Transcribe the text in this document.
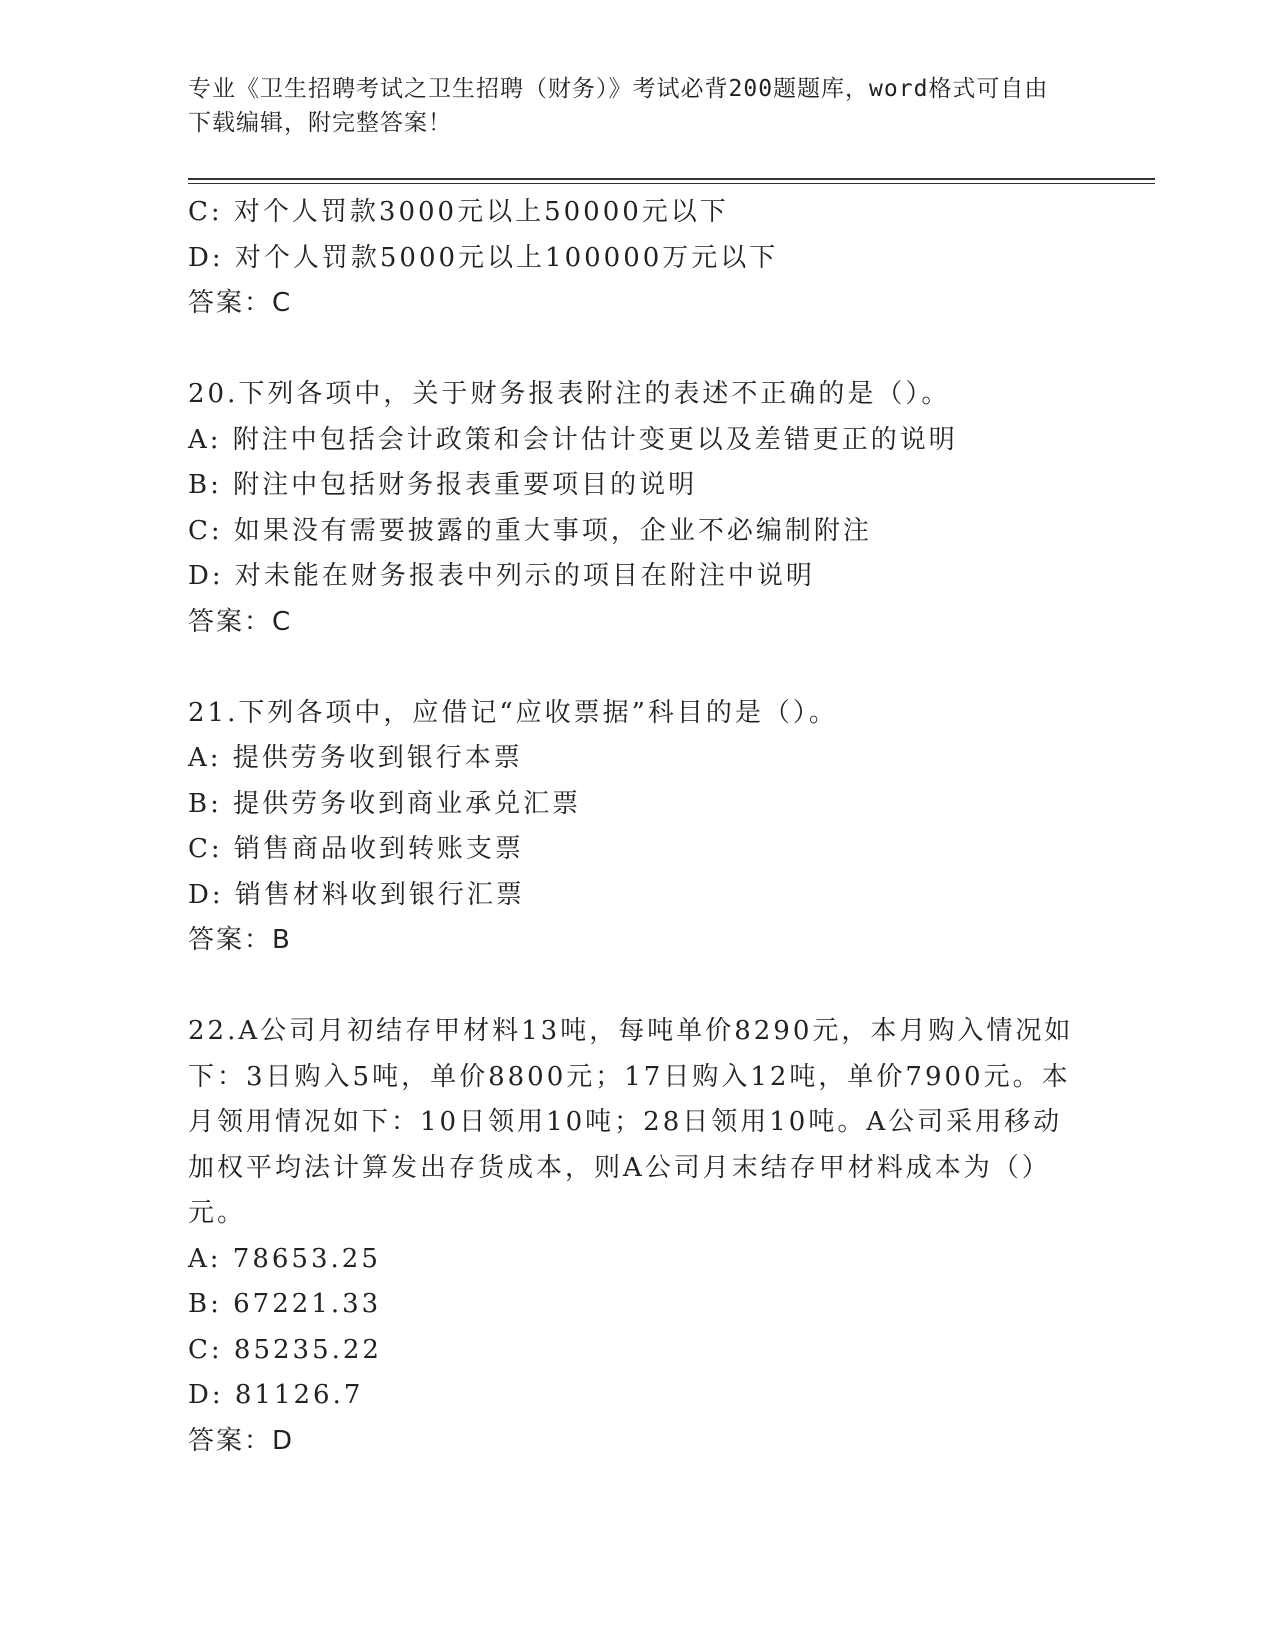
专业《卫生招聘考试之卫生招聘（财务）》考试必背200题题库，word格式可自由下载编辑，附完整答案！
C: 对个人罚款3000元以上50000元以下
D: 对个人罚款5000元以上100000万元以下
答案：C
20.下列各项中，关于财务报表附注的表述不正确的是（）。
A: 附注中包括会计政策和会计估计变更以及差错更正的说明
B: 附注中包括财务报表重要项目的说明
C: 如果没有需要披露的重大事项，企业不必编制附注
D: 对未能在财务报表中列示的项目在附注中说明
答案：C
21.下列各项中，应借记“应收票据”科目的是（）。
A: 提供劳务收到银行本票
B: 提供劳务收到商业承兑汇票
C: 销售商品收到转账支票
D: 销售材料收到银行汇票
答案：B
22.A公司月初结存甲材料13吨，每吨单价8290元，本月购入情况如下：3日购入5吨，单价8800元；17日购入12吨，单价7900元。本月领用情况如下：10日领用10吨；28日领用10吨。A公司采用移动加权平均法计算发出存货成本，则A公司月末结存甲材料成本为（）元。
A: 78653.25
B: 67221.33
C: 85235.22
D: 81126.7
答案：D
